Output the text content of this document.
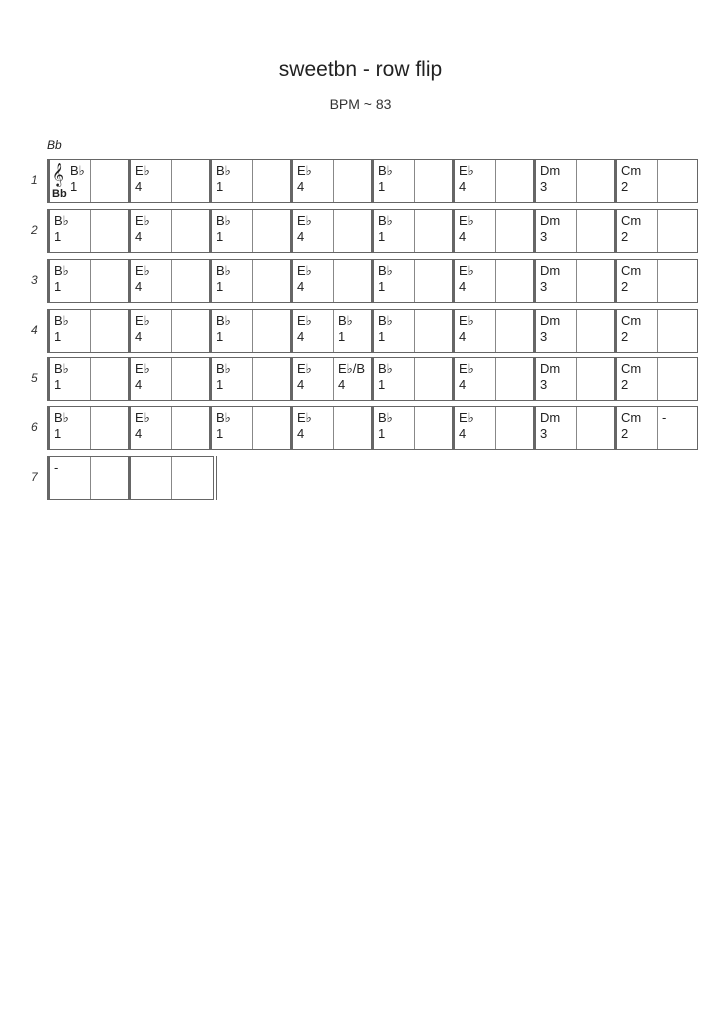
sweetbn - row flip
BPM ~ 83
Bb
1
B♭
1
E♭
4
B♭
1
E♭
4
B♭
1
E♭
4
Dm
3
Cm
2
𝄞
Bb
2
B♭
1
E♭
4
B♭
1
E♭
4
B♭
1
E♭
4
Dm
3
Cm
2
3
B♭
1
E♭
4
B♭
1
E♭
4
B♭
1
E♭
4
Dm
3
Cm
2
4
B♭
1
E♭
4
B♭
1
E♭
4
B♭
1
B♭
1
E♭
4
Dm
3
Cm
2
5
B♭
1
E♭
4
B♭
1
E♭
4
E♭/B
4
B♭
1
E♭
4
Dm
3
Cm
2
6
B♭
1
E♭
4
B♭
1
E♭
4
B♭
1
E♭
4
Dm
3
Cm
2
-
7
-
